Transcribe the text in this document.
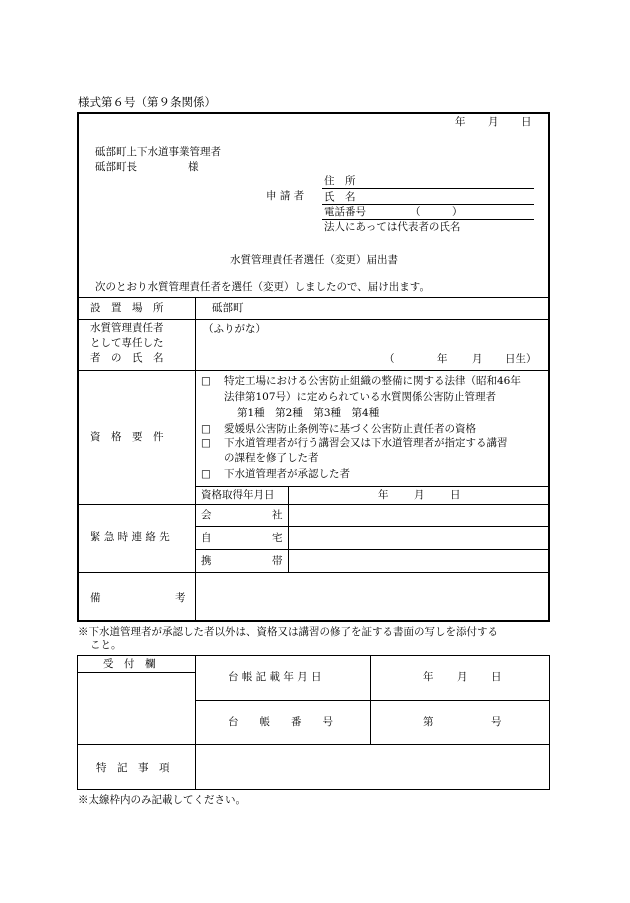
様式第６号（第９条関係）
年 月 日
砥部町上下水道事業管理者
砥部町長	様
申 請 者
住　所
氏　名
電話番号	（　　　）
法人にあっては代表者の氏名
水質管理責任者選任（変更）届出書
次のとおり水質管理責任者を選任（変更）しましたので、届け出ます。
設　置　場　所	砥部町
水質管理責任者
として専任した
者　の　氏　名
（ふりがな）
（	年 月 日生）
資　格　要　件
□ 特定工場における公害防止組織の整備に関する法律（昭和46年
法律第107号）に定められている水質関係公害防止管理者
第1種　第2種　第3種　第4種
□ 愛媛県公害防止条例等に基づく公害防止責任者の資格
□ 下水道管理者が行う講習会又は下水道管理者が指定する講習
の課程を修了した者
□ 下水道管理者が承認した者
資格取得年月日	年 月 日
緊 急 時 連 絡 先
会	社
自	宅
携	帯
備	考
※下水道管理者が承認した者以外は、資格又は講習の修了を証する書面の写しを添付する
こと。
受　付　欄
台 帳 記 載 年 月 日	年 月 日
台　　帳　　番　　号	第	号
特　記　事　項
※太線枠内のみ記載してください。
